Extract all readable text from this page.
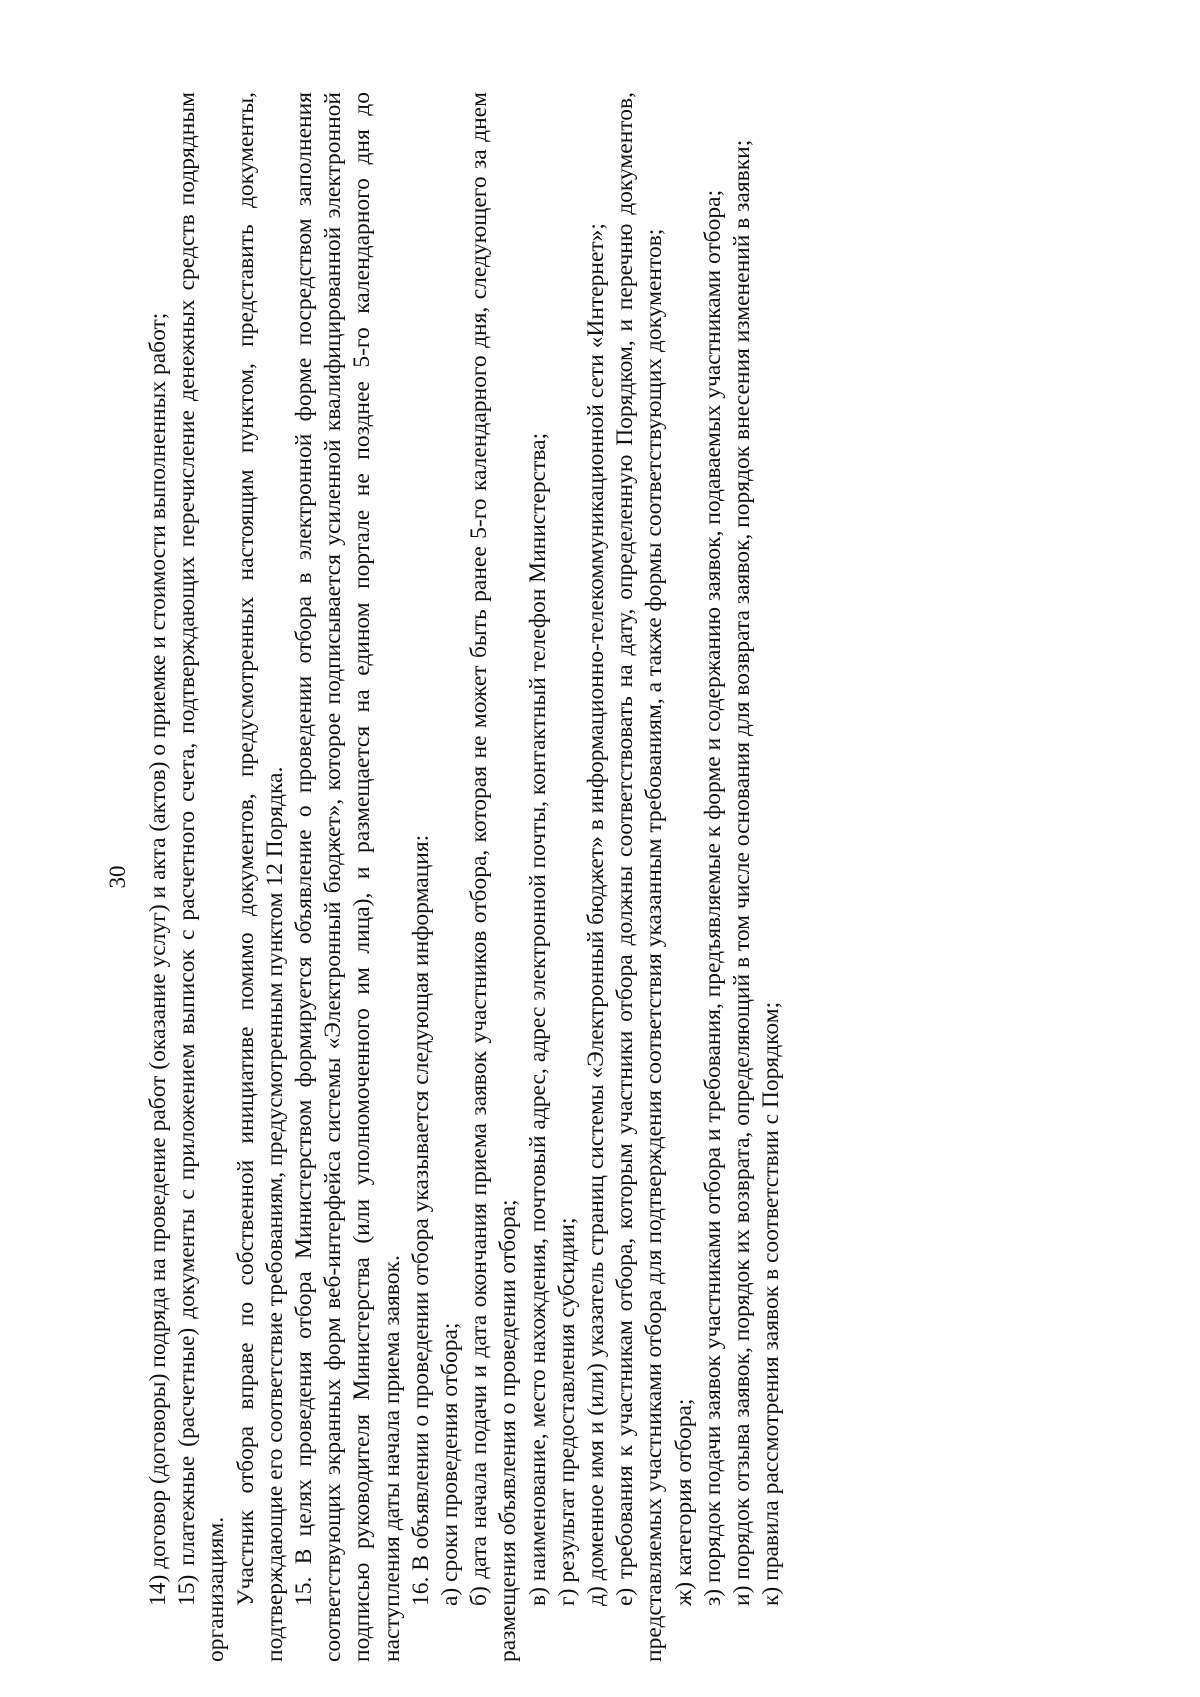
30 14) договор (договоры) подряда на проведение работ (оказание услуг) и акта (актов) о приемке и стоимости выполненных работ; 15) платежные (расчетные) документы с приложением выписок с расчетного счета, подтверждающих перечисление денежных средств подрядным организациям. Участник отбора вправе по собственной инициативе помимо документов, предусмотренных настоящим пунктом, представить документы, подтверждающие его соответствие требованиям, предусмотренным пунктом 12 Порядка. 15. В целях проведения отбора Министерством формируется объявление о проведении отбора в электронной форме посредством заполнения соответствующих экранных форм веб-интерфейса системы «Электронный бюджет», которое подписывается усиленной квалифицированной электронной подписью руководителя Министерства (или уполномоченного им лица), и размещается на едином портале не позднее 5-го календарного дня до наступления даты начала приема заявок. 16. В объявлении о проведении отбора указывается следующая информация: а) сроки проведения отбора; б) дата начала подачи и дата окончания приема заявок участников отбора, которая не может быть ранее 5-го календарного дня, следующего за днем размещения объявления о проведении отбора; в) наименование, место нахождения, почтовый адрес, адрес электронной почты, контактный телефон Министерства; г) результат предоставления субсидии; д) доменное имя и (или) указатель страниц системы «Электронный бюджет» в информационно-телекоммуникационной сети «Интернет»; е) требования к участникам отбора, которым участники отбора должны соответствовать на дату, определенную Порядком, и перечню документов, представляемых участниками отбора для подтверждения соответствия указанным требованиям, а также формы соответствующих документов; ж) категория отбора; з) порядок подачи заявок участниками отбора и требования, предъявляемые к форме и содержанию заявок, подаваемых участниками отбора; и) порядок отзыва заявок, порядок их возврата, определяющий в том числе основания для возврата заявок, порядок внесения изменений в заявки; к) правила рассмотрения заявок в соответствии с Порядком;
